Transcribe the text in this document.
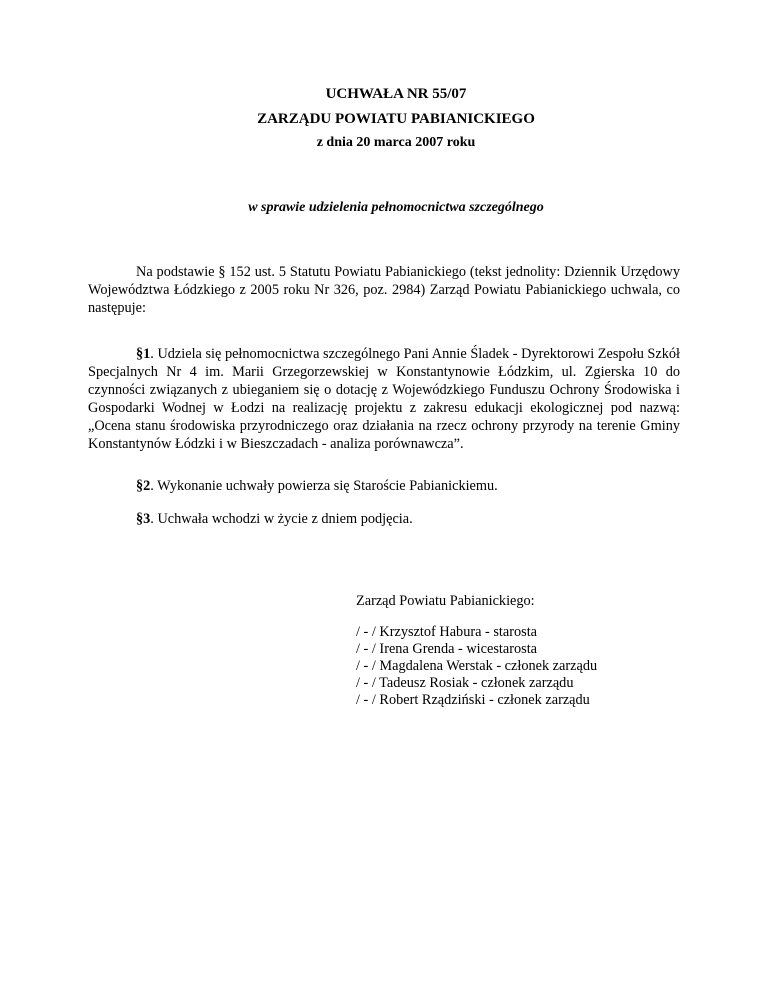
UCHWAŁA NR 55/07

ZARZĄDU POWIATU PABIANICKIEGO

z dnia 20 marca 2007 roku

w sprawie udzielenia pełnomocnictwa szczególnego

Na podstawie § 152 ust. 5 Statutu Powiatu Pabianickiego (tekst jednolity: Dziennik Urzędowy Województwa Łódzkiego z 2005 roku Nr 326, poz. 2984) Zarząd Powiatu Pabianickiego uchwala, co następuje:

§1. Udziela się pełnomocnictwa szczególnego Pani Annie Śladek - Dyrektorowi Zespołu Szkół Specjalnych Nr 4 im. Marii Grzegorzewskiej w Konstantynowie Łódzkim, ul. Zgierska 10 do czynności związanych z ubieganiem się o dotację z Wojewódzkiego Funduszu Ochrony Środowiska i Gospodarki Wodnej w Łodzi na realizację projektu z zakresu edukacji ekologicznej pod nazwą: „Ocena stanu środowiska przyrodniczego oraz działania na rzecz ochrony przyrody na terenie Gminy Konstantynów Łódzki i w Bieszczadach - analiza porównawcza”.

§2. Wykonanie uchwały powierza się Staroście Pabianickiemu.

§3. Uchwała wchodzi w życie z dniem podjęcia.

Zarząd Powiatu Pabianickiego:

/ - / Krzysztof Habura - starosta
/ - / Irena Grenda - wicestarosta
/ - / Magdalena Werstak - członek zarządu
/ - / Tadeusz Rosiak - członek zarządu
/ - / Robert Rządziński - członek zarządu
